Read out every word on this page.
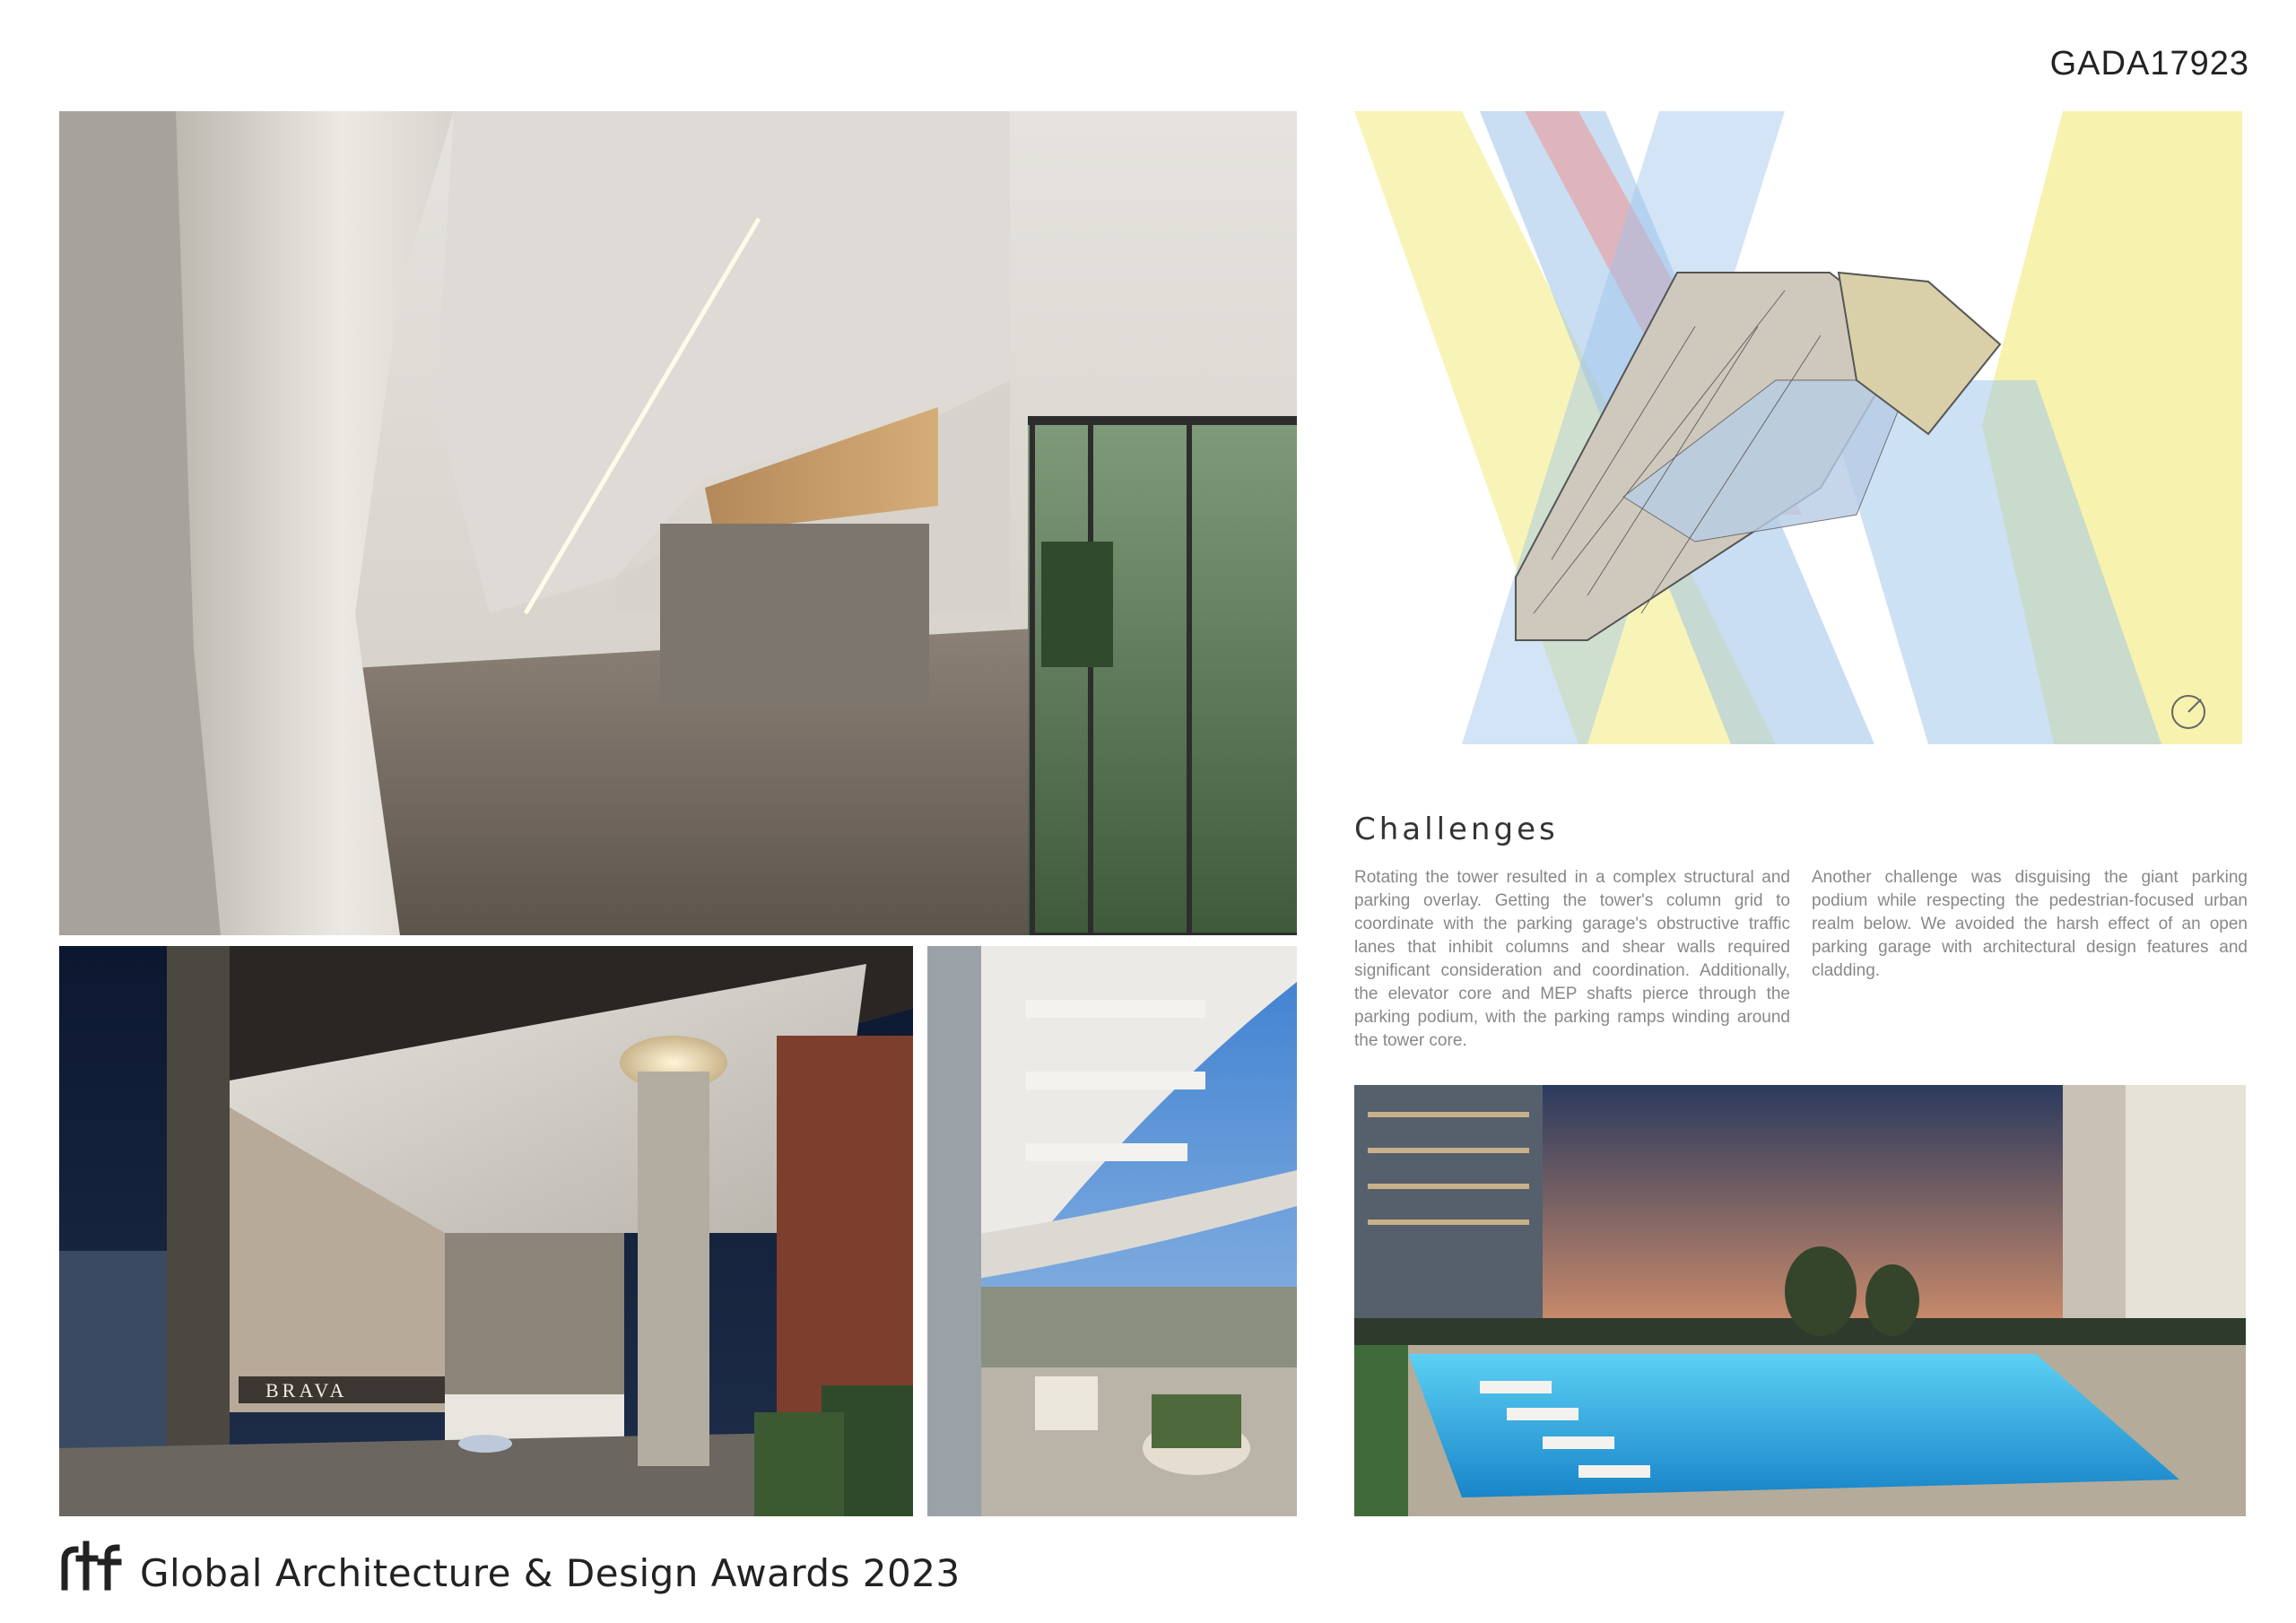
GADA17923
BRAVA
Challenges
Rotating the tower resulted in a complex structural and parking overlay. Getting the tower's column grid to coordinate with the parking garage's obstructive traffic lanes that inhibit columns and shear walls required significant consideration and coordination. Additionally, the elevator core and MEP shafts pierce through the parking podium, with the parking ramps winding around the tower core.
Another challenge was disguising the giant parking podium while respecting the pedestrian-focused urban realm below. We avoided the harsh effect of an open parking garage with architectural design features and cladding.
Global Architecture & Design Awards 2023
